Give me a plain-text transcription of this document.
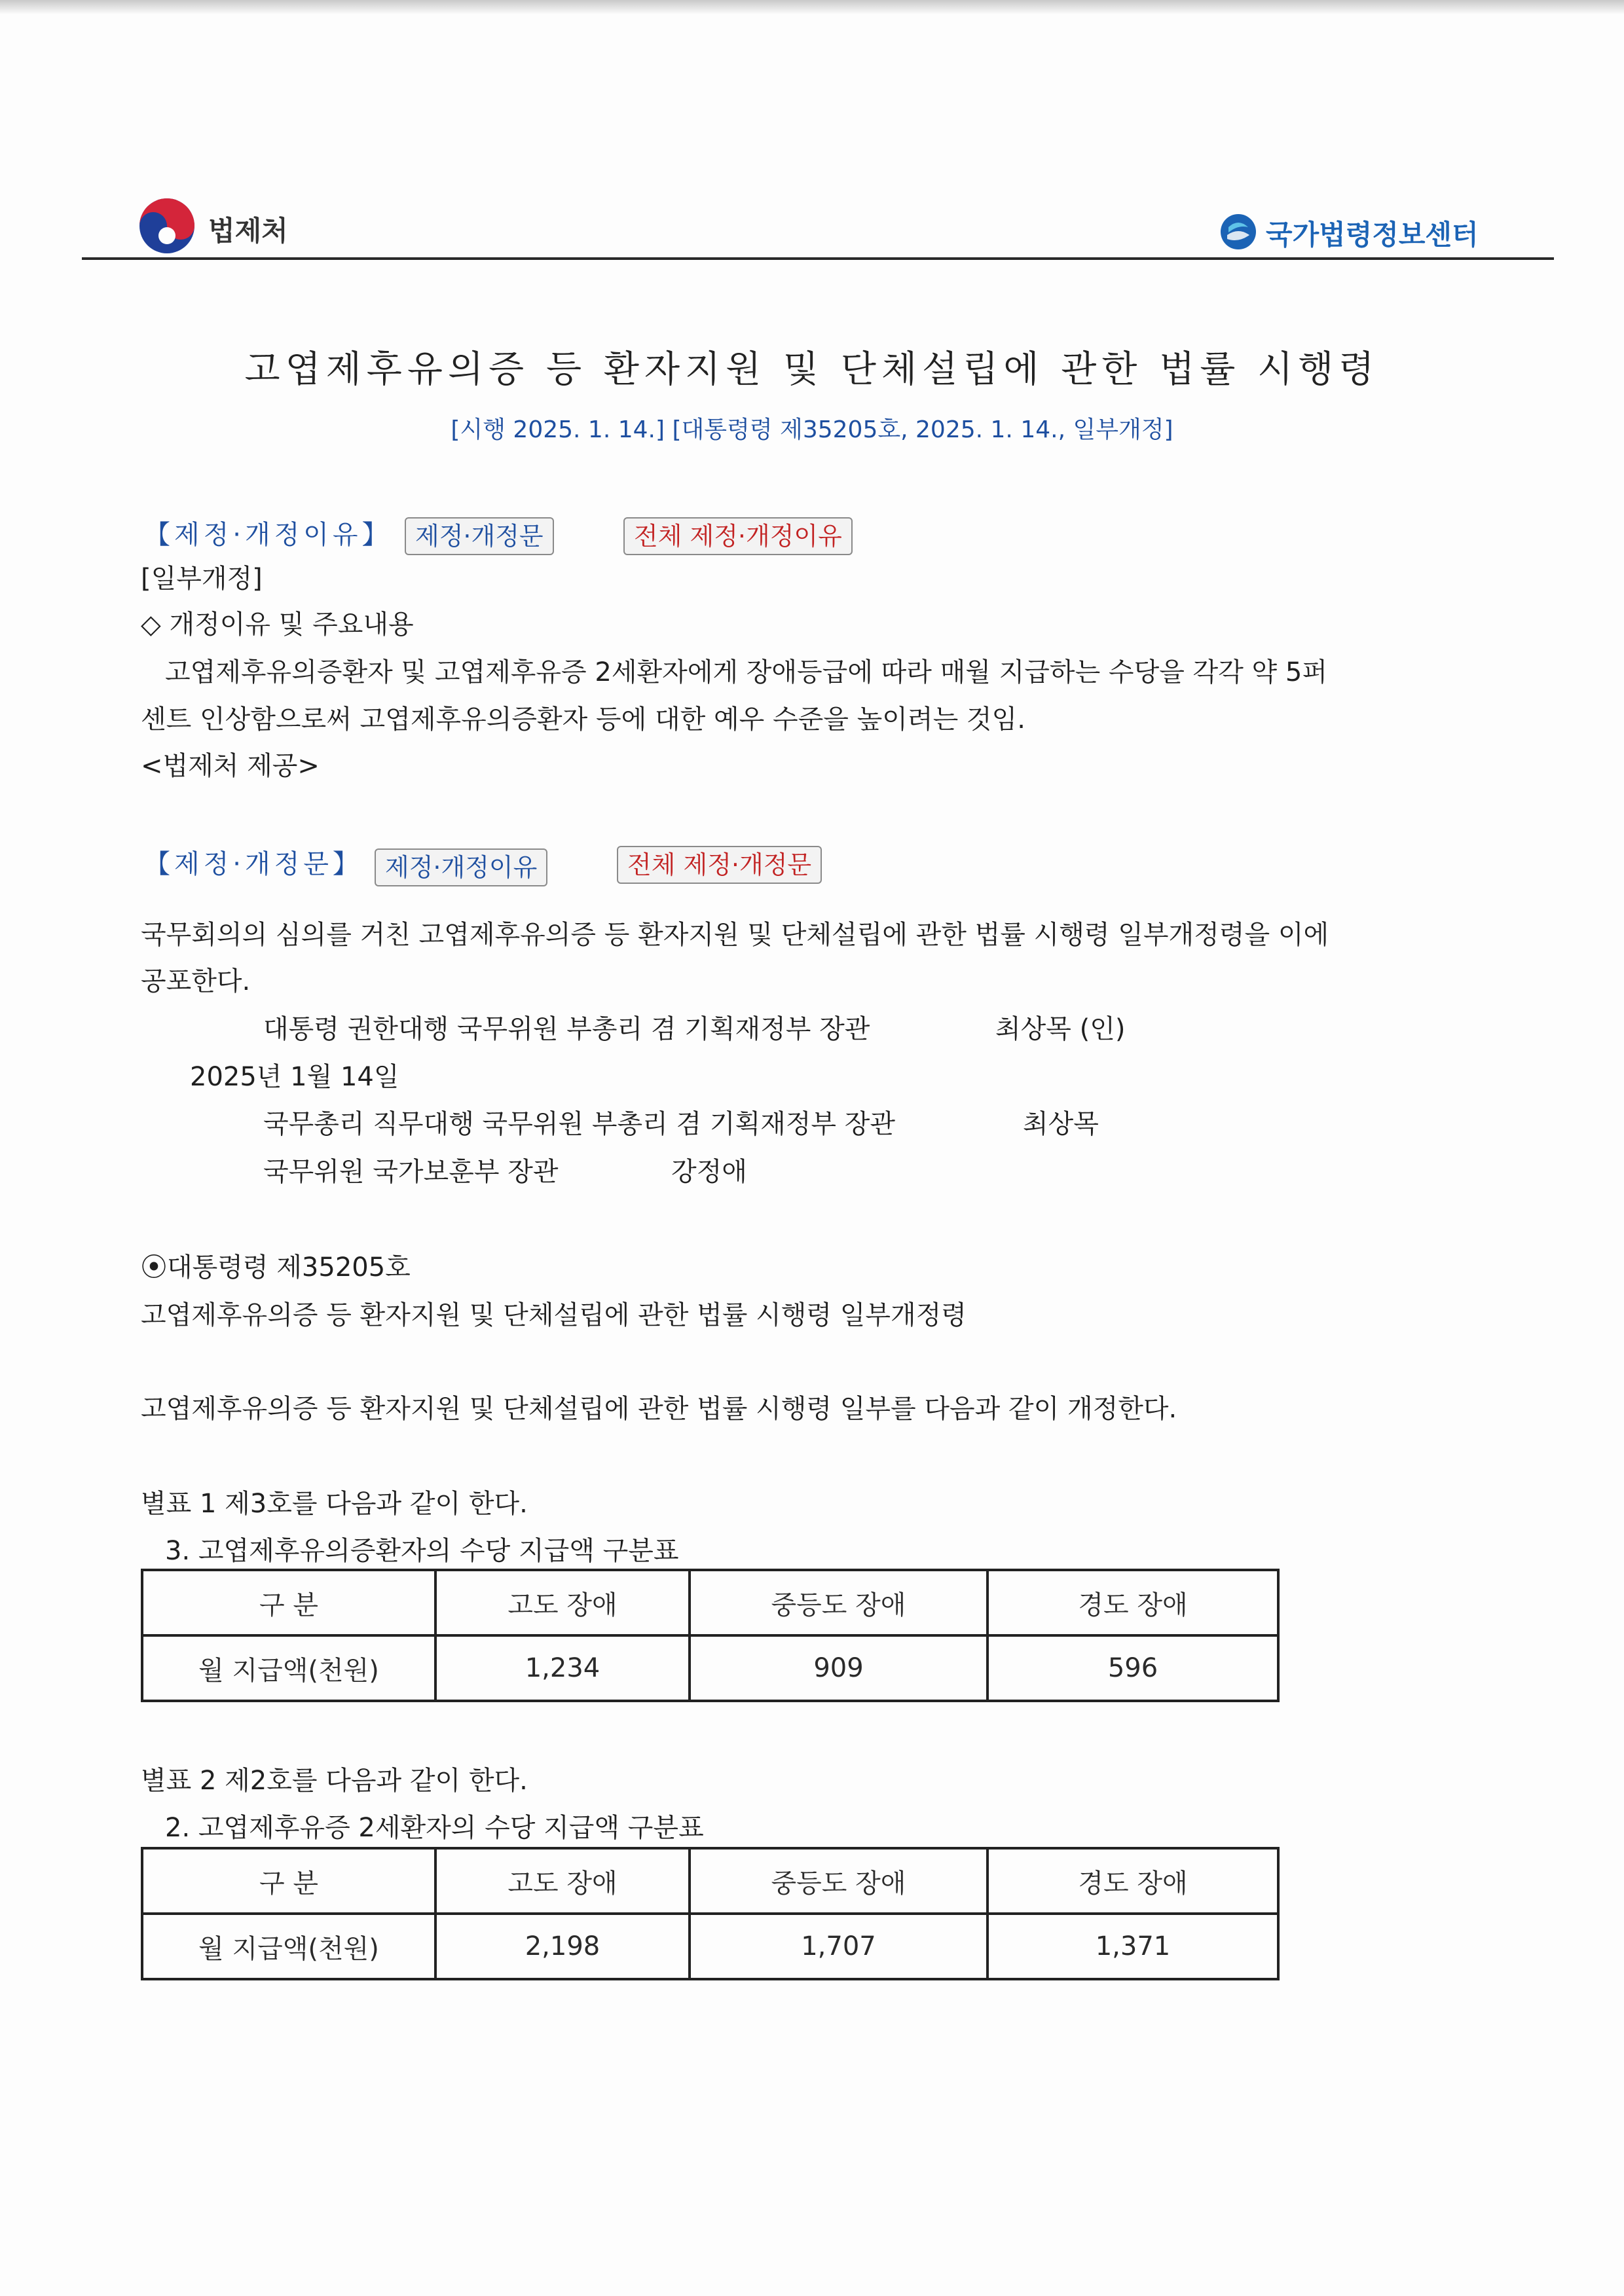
법제처	국가법령정보센터
고엽제후유의증 등 환자지원 및 단체설립에 관한 법률 시행령
[시행 2025. 1. 14.] [대통령령 제35205호, 2025. 1. 14., 일부개정]
【제정·개정이유】 제정·개정문	전체 제정·개정이유
[일부개정]
◇ 개정이유 및 주요내용
고엽제후유의증환자 및 고엽제후유증 2세환자에게 장애등급에 따라 매월 지급하는 수당을 각각 약 5퍼
센트 인상함으로써 고엽제후유의증환자 등에 대한 예우 수준을 높이려는 것임.
<법제처 제공>
【제정·개정문】 제정·개정이유	전체 제정·개정문
국무회의의 심의를 거친 고엽제후유의증 등 환자지원 및 단체설립에 관한 법률 시행령 일부개정령을 이에
공포한다.
대통령 권한대행 국무위원 부총리 겸 기획재정부 장관	최상목 (인)
2025년 1월 14일
국무총리 직무대행 국무위원 부총리 겸 기획재정부 장관	최상목
국무위원 국가보훈부 장관	강정애
⦿대통령령 제35205호
고엽제후유의증 등 환자지원 및 단체설립에 관한 법률 시행령 일부개정령
고엽제후유의증 등 환자지원 및 단체설립에 관한 법률 시행령 일부를 다음과 같이 개정한다.
별표 1 제3호를 다음과 같이 한다.
3. 고엽제후유의증환자의 수당 지급액 구분표
구 분	고도 장애	중등도 장애	경도 장애
월 지급액(천원)	1,234	909	596
별표 2 제2호를 다음과 같이 한다.
2. 고엽제후유증 2세환자의 수당 지급액 구분표
구 분	고도 장애	중등도 장애	경도 장애
월 지급액(천원)	2,198	1,707	1,371
